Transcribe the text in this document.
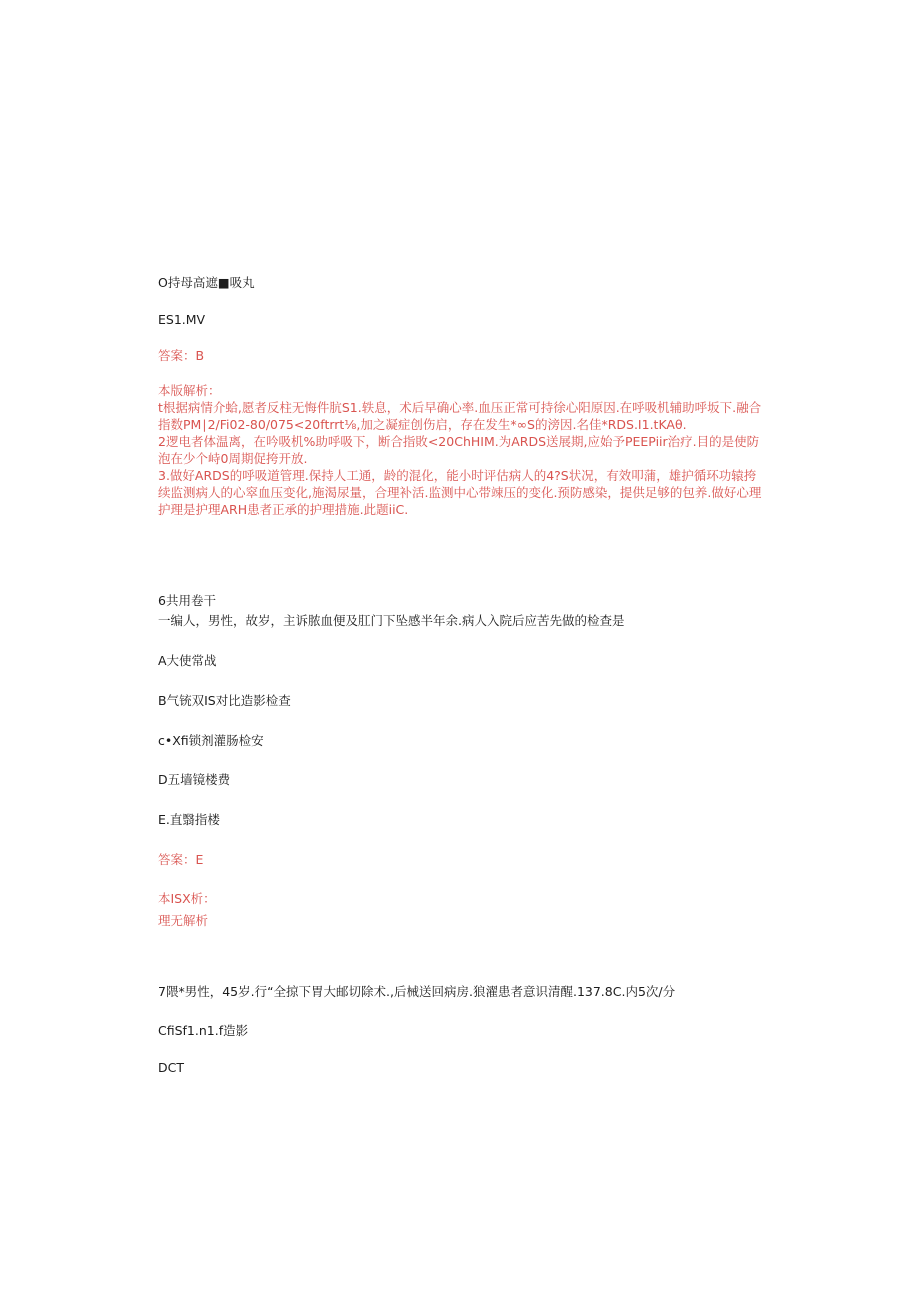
O持母高遮■吸丸
ES1.MV
答案：B
本版解析：

t根据病情介蛤,愿者反柱无悔件肮S1.轶息，术后早确心率.血压正常可持徐心阳原因.在呼吸机辅助呼坂下.融合指数PM∣2/Fi02-80/075<20ftrrt⅛,加之凝症创伤启，存在发生*∞S的滂因.名佳*RDS.I1.tKAθ.

2逻电者体温离，在吟吸机%助呼吸下，断合指敗<20ChHIM.为ARDS送展期,应始予PEEPiir治疗.目的是使防泡在少个峙0周期促挎开放.

3.做好ARDS的呼吸道管理.保持人工通，龄的混化，能小时评估病人的4?S状况，有效叩蒲，雄护循环功辕挎续监测病人的心窣血压变化,施渴尿量，合理补活.监测中心带竦压的变化.预防感染，提供足够的包养.做好心理护理是护理ARH患者正承的护理措施.此题iiC.

6共用卷干
一编人，男性，故岁，主诉脓血便及肛门下坠感半年余.病人入院后应苦先做的检查是
A大使常战
B气铳双IS对比造影检查
c•Xfi锁剂灌肠检安
D五墙镜楼费
E.直翳指楼
答案：E
本ISX析：
理无解析
7隈*男性，45岁.行“全掠下胃大邮切除术.,后械送回病房.狼濯患者意识清醒.137.8C.内5次/分
CfiSf1.n1.f造影
DCT
